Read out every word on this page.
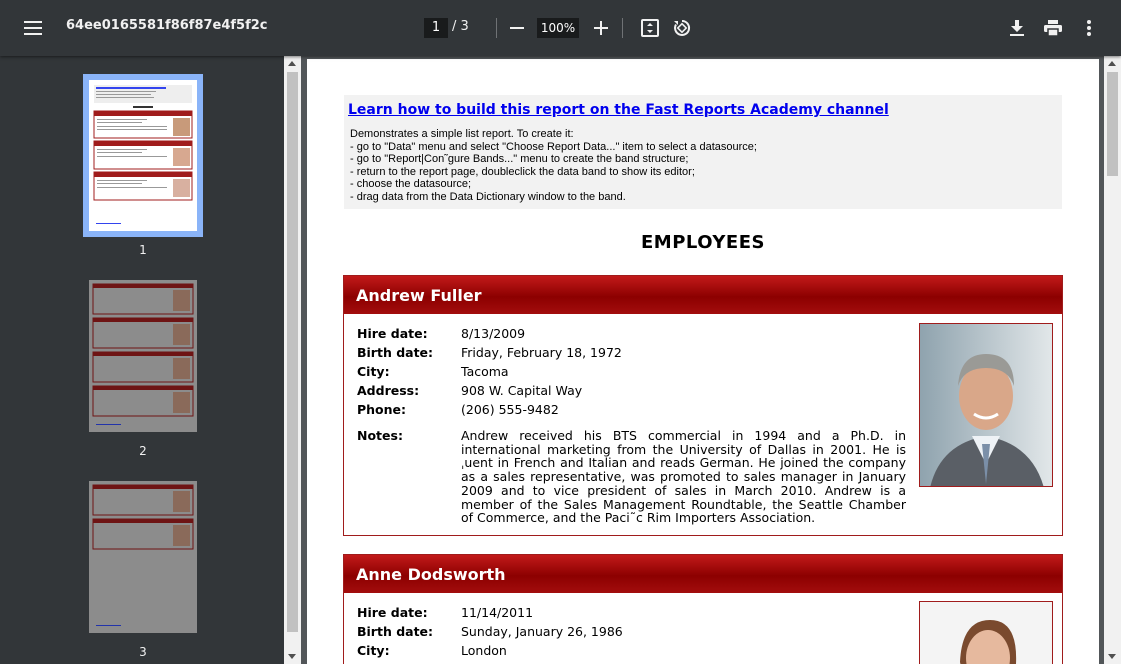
64ee0165581f86f87e4f5f2c	1 / 3	100%
1
2
3
Learn how to build this report on the Fast Reports Academy channel
Demonstrates a simple list report. To create it:
- go to "Data" menu and select "Choose Report Data..." item to select a datasource;
- go to "Report|Con˜gure Bands..." menu to create the band structure;
- return to the report page, doubleclick the data band to show its editor;
- choose the datasource;
- drag data from the Data Dictionary window to the band.
EMPLOYEES
Andrew Fuller
Hire date:	8/13/2009
Birth date:	Friday, February 18, 1972
City:	Tacoma
Address:	908 W. Capital Way
Phone:	(206) 555-9482
Notes:	Andrew received his BTS commercial in 1994 and a Ph.D. in international marketing from the University of Dallas in 2001. He is ˌuent in French and Italian and reads German. He joined the company as a sales representative, was promoted to sales manager in January 2009 and to vice president of sales in March 2010. Andrew is a member of the Sales Management Roundtable, the Seattle Chamber of Commerce, and the Paci˜c Rim Importers Association.
Anne Dodsworth
Hire date:	11/14/2011
Birth date:	Sunday, January 26, 1986
City:	London
